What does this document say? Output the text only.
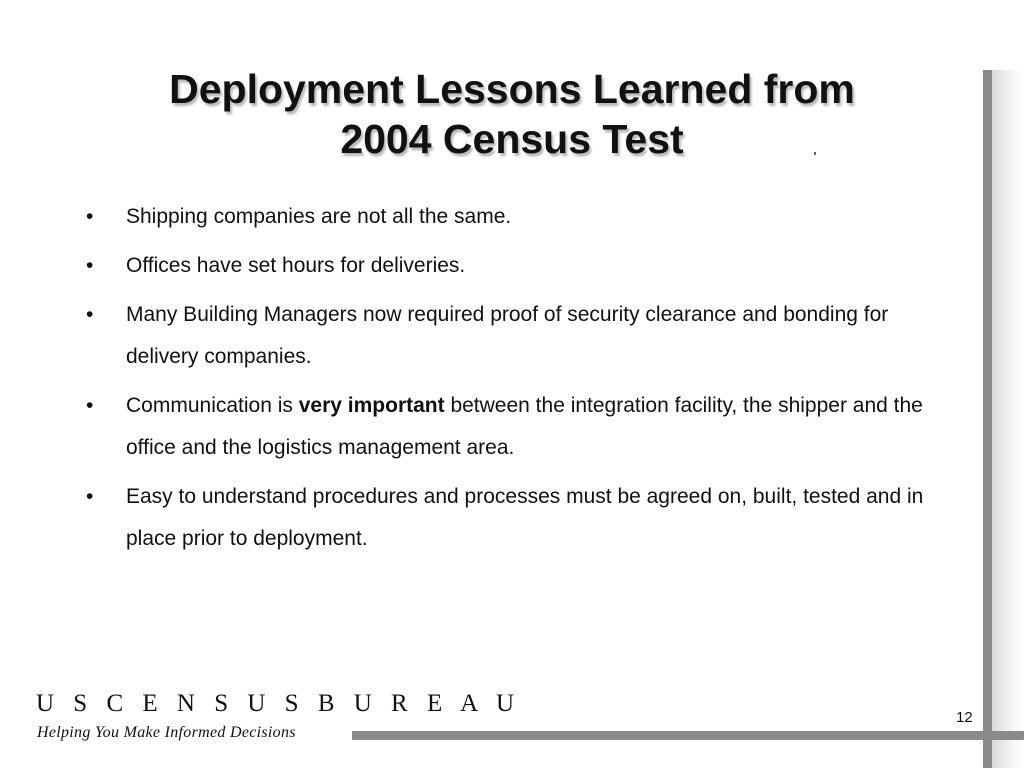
Deployment Lessons Learned from
2004 Census Test
• Shipping companies are not all the same.
• Offices have set hours for deliveries.
• Many Building Managers now required proof of security clearance and bonding for delivery companies.
• Communication is very important between the integration facility, the shipper and the office and the logistics management area.
• Easy to understand procedures and processes must be agreed on, built, tested and in place prior to deployment.
U S C E N S U S B U R E A U
Helping You Make Informed Decisions
12
